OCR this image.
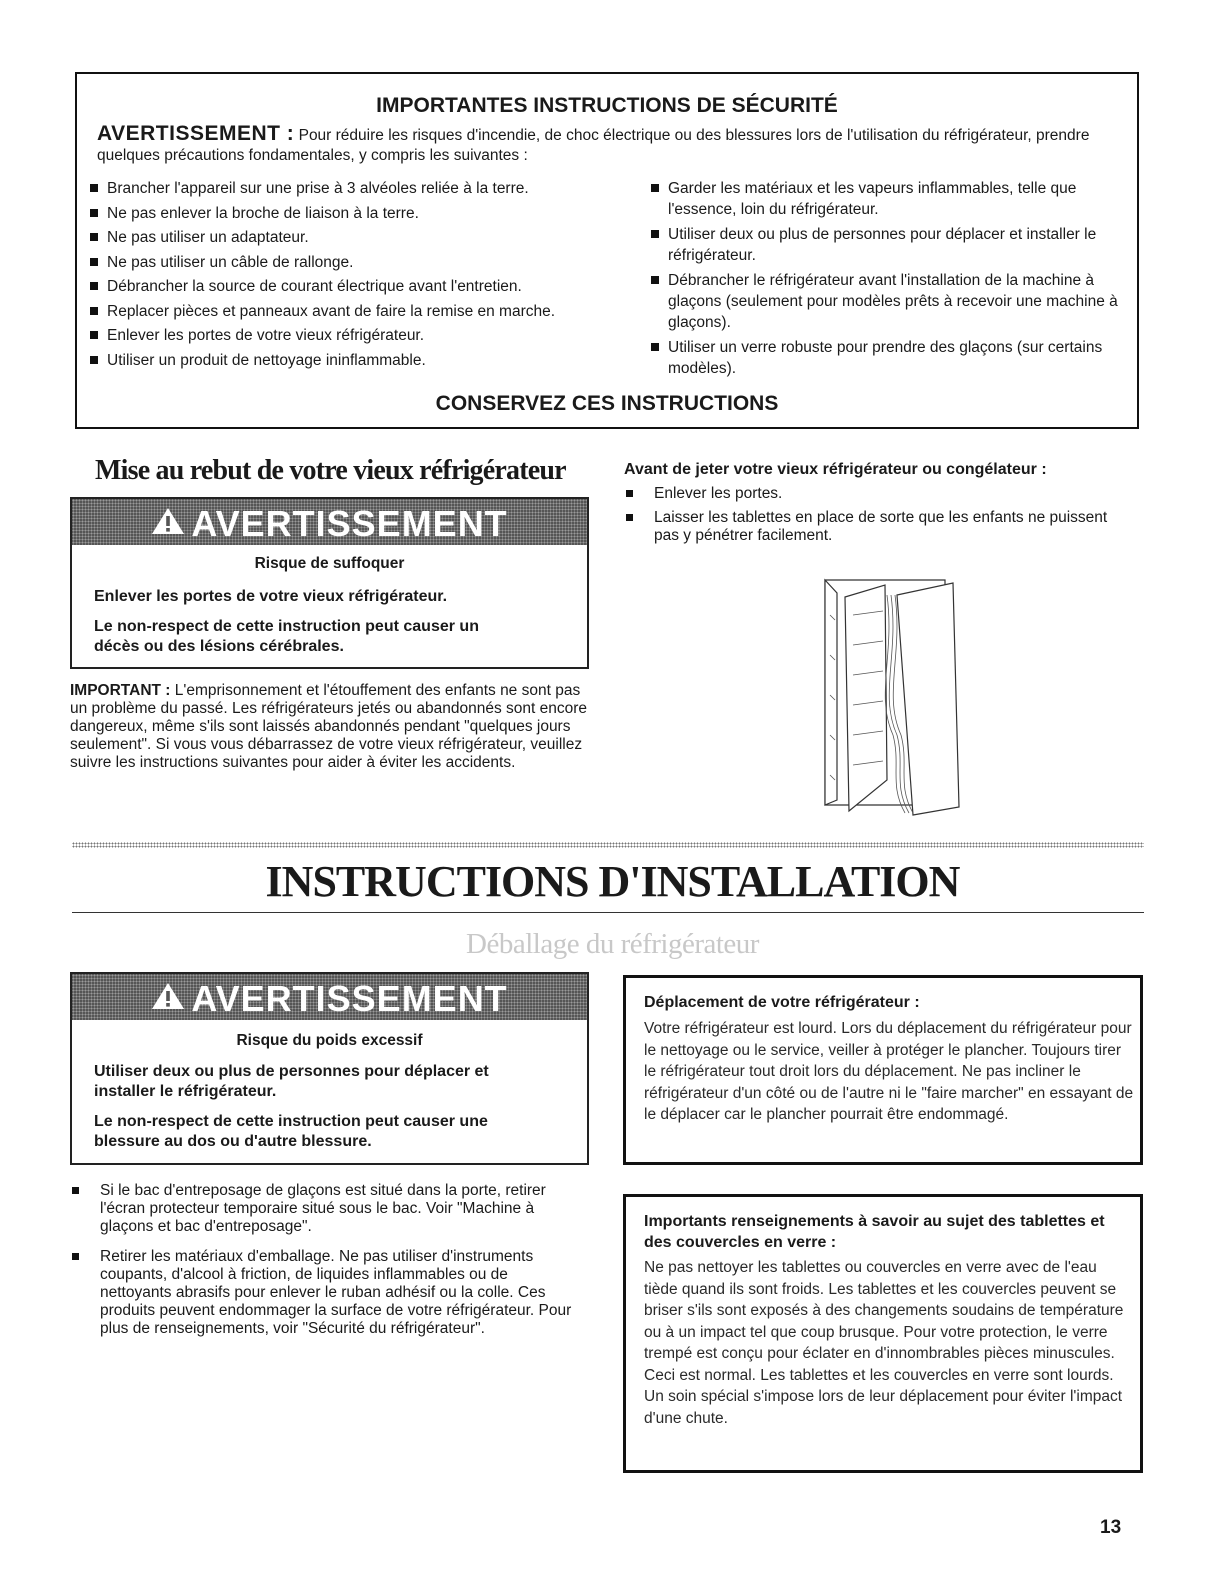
IMPORTANTES INSTRUCTIONS DE SÉCURITÉ
AVERTISSEMENT : Pour réduire les risques d'incendie, de choc électrique ou des blessures lors de l'utilisation du réfrigérateur, prendre quelques précautions fondamentales, y compris les suivantes :
Brancher l'appareil sur une prise à 3 alvéoles reliée à la terre.
Ne pas enlever la broche de liaison à la terre.
Ne pas utiliser un adaptateur.
Ne pas utiliser un câble de rallonge.
Débrancher la source de courant électrique avant l'entretien.
Replacer pièces et panneaux avant de faire la remise en marche.
Enlever les portes de votre vieux réfrigérateur.
Utiliser un produit de nettoyage ininflammable.
Garder les matériaux et les vapeurs inflammables, telle que l'essence, loin du réfrigérateur.
Utiliser deux ou plus de personnes pour déplacer et installer le réfrigérateur.
Débrancher le réfrigérateur avant l'installation de la machine à glaçons (seulement pour modèles prêts à recevoir une machine à glaçons).
Utiliser un verre robuste pour prendre des glaçons (sur certains modèles).
CONSERVEZ CES INSTRUCTIONS
Mise au rebut de votre vieux réfrigérateur
AVERTISSEMENT
Risque de suffoquer
Enlever les portes de votre vieux réfrigérateur.
Le non-respect de cette instruction peut causer un décès ou des lésions cérébrales.
IMPORTANT : L'emprisonnement et l'étouffement des enfants ne sont pas un problème du passé. Les réfrigérateurs jetés ou abandonnés sont encore dangereux, même s'ils sont laissés abandonnés pendant "quelques jours seulement". Si vous vous débarrassez de votre vieux réfrigérateur, veuillez suivre les instructions suivantes pour aider à éviter les accidents.
Avant de jeter votre vieux réfrigérateur ou congélateur :
Enlever les portes.
Laisser les tablettes en place de sorte que les enfants ne puissent pas y pénétrer facilement.
INSTRUCTIONS D'INSTALLATION
Déballage du réfrigérateur
AVERTISSEMENT
Risque du poids excessif
Utiliser deux ou plus de personnes pour déplacer et installer le réfrigérateur.
Le non-respect de cette instruction peut causer une blessure au dos ou d'autre blessure.
Si le bac d'entreposage de glaçons est situé dans la porte, retirer l'écran protecteur temporaire situé sous le bac. Voir "Machine à glaçons et bac d'entreposage".
Retirer les matériaux d'emballage. Ne pas utiliser d'instruments coupants, d'alcool à friction, de liquides inflammables ou de nettoyants abrasifs pour enlever le ruban adhésif ou la colle. Ces produits peuvent endommager la surface de votre réfrigérateur. Pour plus de renseignements, voir "Sécurité du réfrigérateur".
Déplacement de votre réfrigérateur :
Votre réfrigérateur est lourd. Lors du déplacement du réfrigérateur pour le nettoyage ou le service, veiller à protéger le plancher. Toujours tirer le réfrigérateur tout droit lors du déplacement. Ne pas incliner le réfrigérateur d'un côté ou de l'autre ni le "faire marcher" en essayant de le déplacer car le plancher pourrait être endommagé.
Importants renseignements à savoir au sujet des tablettes et des couvercles en verre :
Ne pas nettoyer les tablettes ou couvercles en verre avec de l'eau tiède quand ils sont froids. Les tablettes et les couvercles peuvent se briser s'ils sont exposés à des changements soudains de température ou à un impact tel que coup brusque. Pour votre protection, le verre trempé est conçu pour éclater en d'innombrables pièces minuscules. Ceci est normal. Les tablettes et les couvercles en verre sont lourds. Un soin spécial s'impose lors de leur déplacement pour éviter l'impact d'une chute.
13
